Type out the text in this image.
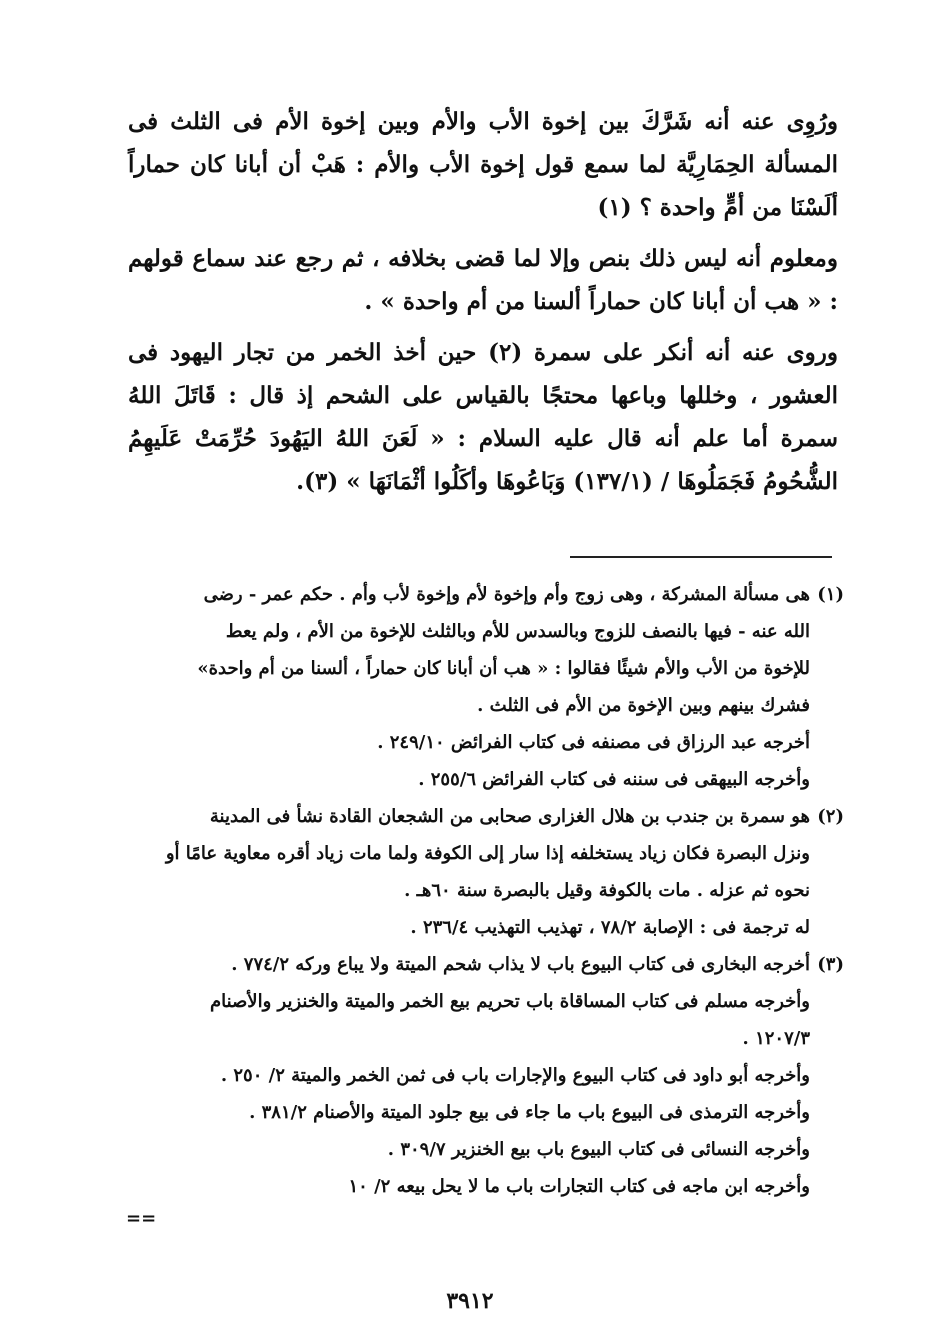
ورُوِى عنه أنه شَرَّكَ بين إخوة الأب والأم وبين إخوة الأم فى الثلث فى المسألة الحِمَارِيَّة لما سمع قول إخوة الأب والأم : هَبْ أن أبانا كان حماراً ألَسْنَا من أمٍّ واحدة ؟ (١)

ومعلوم أنه ليس ذلك بنص وإلا لما قضى بخلافه ، ثم رجع عند سماع قولهم : « هب أن أبانا كان حماراً ألسنا من أم واحدة » .

وروى عنه أنه أنكر على سمرة (٢) حين أخذ الخمر من تجار اليهود فى العشور ، وخللها وباعها محتجًا بالقياس على الشحم إذ قال : قَاتَلَ اللهُ سمرة أما علم أنه قال عليه السلام : « لَعَنَ اللهُ اليَهُودَ حُرِّمَتْ عَلَيهِمُ الشُّحُومُ فَجَمَلُوهَا / (١٣٧/١) وَبَاعُوهَا وأكَلُوا أثْمَانَهَا » (٣).

(١)
هى مسألة المشركة ، وهى زوج وأم وإخوة لأم وإخوة لأب وأم . حكم عمر - رضى
الله عنه - فيها بالنصف للزوج وبالسدس للأم وبالثلث للإخوة من الأم ، ولم يعط
للإخوة من الأب والأم شيئًا فقالوا : « هب أن أبانا كان حماراً ، ألسنا من أم واحدة»
فشرك بينهم وبين الإخوة من الأم فى الثلث .
أخرجه عبد الرزاق فى مصنفه فى كتاب الفرائض ٢٤٩/١٠ .
وأخرجه البيهقى فى سننه فى كتاب الفرائض ٢٥٥/٦ .
(٢)
هو سمرة بن جندب بن هلال الغزارى صحابى من الشجعان القادة نشأ فى المدينة
ونزل البصرة فكان زياد يستخلفه إذا سار إلى الكوفة ولما مات زياد أقره معاوية عامًا أو
نحوه ثم عزله . مات بالكوفة وقيل بالبصرة سنة ٦٠هـ .
له ترجمة فى : الإصابة ٧٨/٢ ، تهذيب التهذيب ٢٣٦/٤ .
(٣)
أخرجه البخارى فى كتاب البيوع باب لا يذاب شحم الميتة ولا يباع وركه ٧٧٤/٢ .
وأخرجه مسلم فى كتاب المساقاة باب تحريم بيع الخمر والميتة والخنزير والأصنام
١٢٠٧/٣ .
وأخرجه أبو داود فى كتاب البيوع والإجارات باب فى ثمن الخمر والميتة ٢/ ٢٥٠ .
وأخرجه الترمذى فى البيوع باب ما جاء فى بيع جلود الميتة والأصنام ٣٨١/٢ .
وأخرجه النسائى فى كتاب البيوع باب بيع الخنزير ٣٠٩/٧ .
وأخرجه ابن ماجه فى كتاب التجارات باب ما لا يحل بيعه ٢/ ١٠
==
٣٩١٢
